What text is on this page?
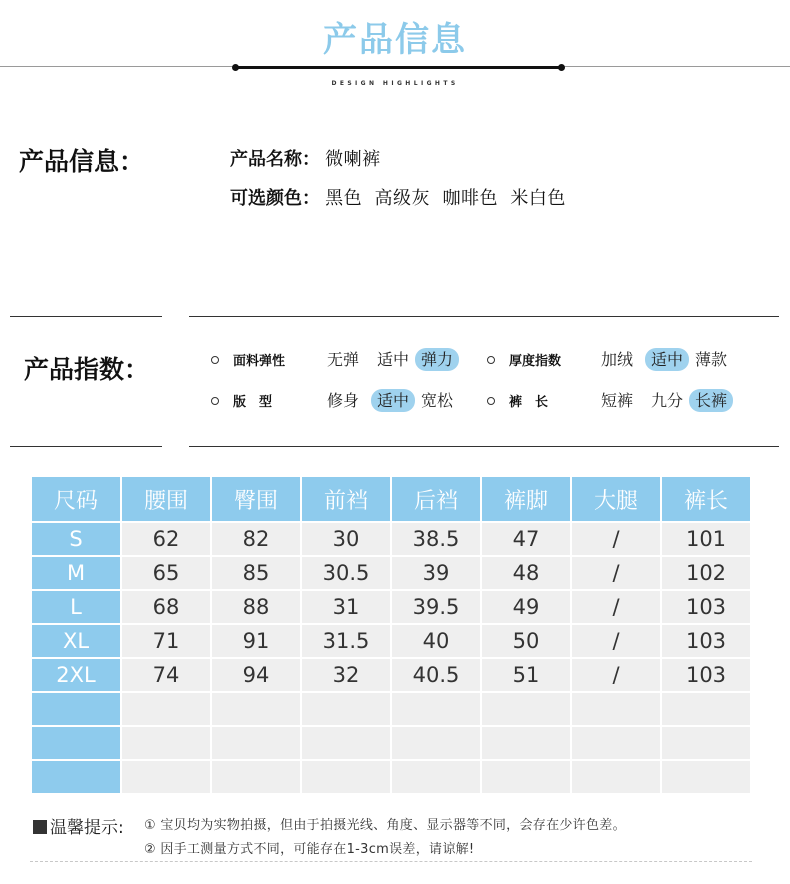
产品信息
DESIGN HIGHLIGHTS
产品信息：	产品名称： 微喇裤
可选颜色： 黑色  高级灰  咖啡色  米白色
产品指数：	面料弹性	无弹	适中 弹力	厚度指数	加绒	适中 薄款
版　型	修身	适中 宽松	裤　长	短裤	九分 长裤
尺码	腰围	臀围	前裆	后裆	裤脚	大腿	裤长
S	62	82	30	38.5	47	/	101
M	65	85	30.5	39	48	/	102
L	68	88	31	39.5	49	/	103
XL	71	91	31.5	40	50	/	103
2XL	74	94	32	40.5	51	/	103

温馨提示: ① 宝贝均为实物拍摄，但由于拍摄光线、角度、显示器等不同，会存在少许色差。
② 因手工测量方式不同，可能存在1-3cm误差，请谅解!
